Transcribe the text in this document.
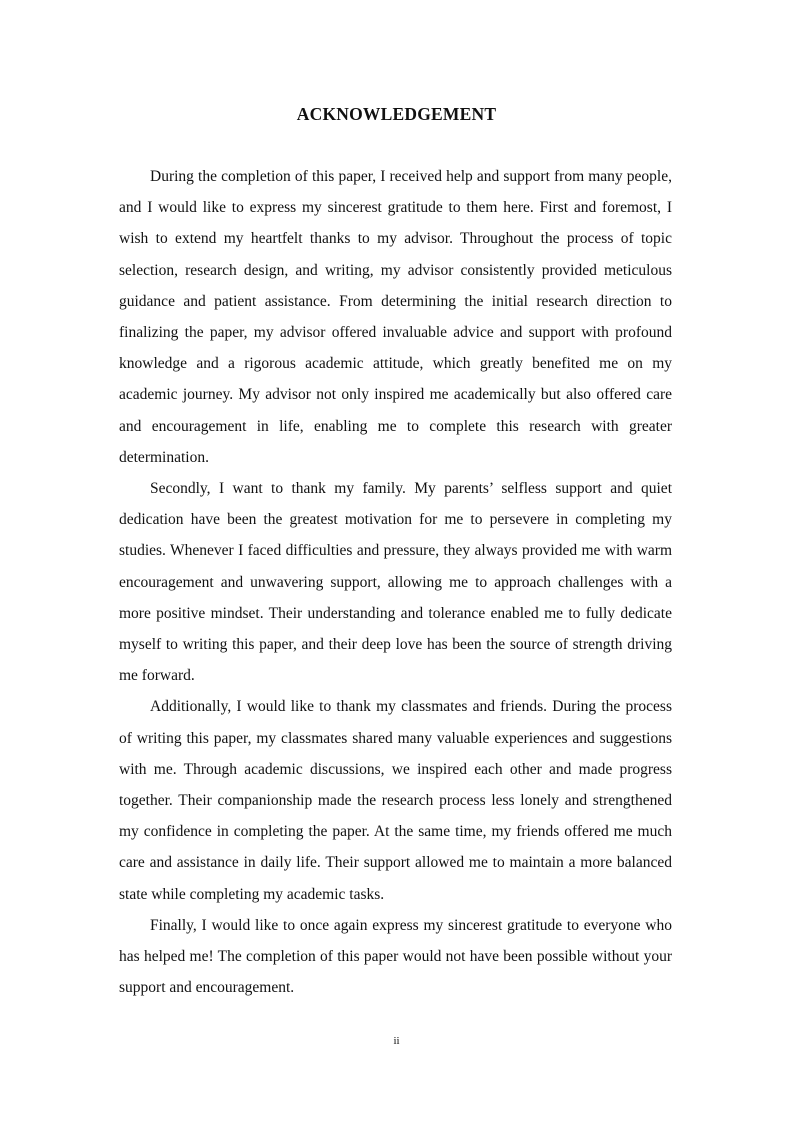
ACKNOWLEDGEMENT

During the completion of this paper, I received help and support from many people, and I would like to express my sincerest gratitude to them here. First and foremost, I wish to extend my heartfelt thanks to my advisor. Throughout the process of topic selection, research design, and writing, my advisor consistently provided meticulous guidance and patient assistance. From determining the initial research direction to finalizing the paper, my advisor offered invaluable advice and support with profound knowledge and a rigorous academic attitude, which greatly benefited me on my academic journey. My advisor not only inspired me academically but also offered care and encouragement in life, enabling me to complete this research with greater determination.

Secondly, I want to thank my family. My parents’ selfless support and quiet dedication have been the greatest motivation for me to persevere in completing my studies. Whenever I faced difficulties and pressure, they always provided me with warm encouragement and unwavering support, allowing me to approach challenges with a more positive mindset. Their understanding and tolerance enabled me to fully dedicate myself to writing this paper, and their deep love has been the source of strength driving me forward.

Additionally, I would like to thank my classmates and friends. During the process of writing this paper, my classmates shared many valuable experiences and suggestions with me. Through academic discussions, we inspired each other and made progress together. Their companionship made the research process less lonely and strengthened my confidence in completing the paper. At the same time, my friends offered me much care and assistance in daily life. Their support allowed me to maintain a more balanced state while completing my academic tasks.

Finally, I would like to once again express my sincerest gratitude to everyone who has helped me! The completion of this paper would not have been possible without your support and encouragement.

ii
